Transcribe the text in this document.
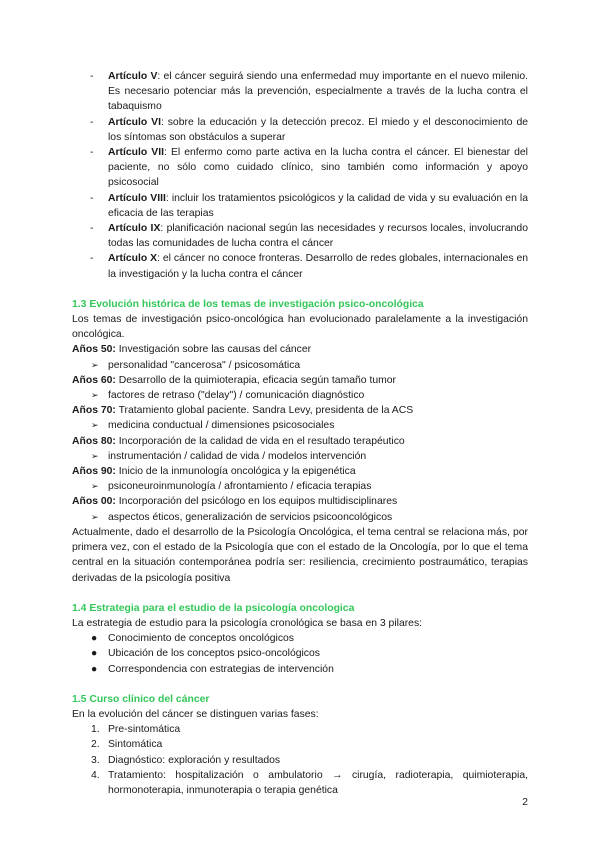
- Artículo V: el cáncer seguirá siendo una enfermedad muy importante en el nuevo milenio. Es necesario potenciar más la prevención, especialmente a través de la lucha contra el tabaquismo
- Artículo VI: sobre la educación y la detección precoz. El miedo y el desconocimiento de los síntomas son obstáculos a superar
- Artículo VII: El enfermo como parte activa en la lucha contra el cáncer. El bienestar del paciente, no sólo como cuidado clínico, sino también como información y apoyo psicosocial
- Artículo VIII: incluir los tratamientos psicológicos y la calidad de vida y su evaluación en la eficacia de las terapias
- Artículo IX: planificación nacional según las necesidades y recursos locales, involucrando todas las comunidades de lucha contra el cáncer
- Artículo X: el cáncer no conoce fronteras. Desarrollo de redes globales, internacionales en la investigación y la lucha contra el cáncer
1.3 Evolución histórica de los temas de investigación psico-oncológica

Los temas de investigación psico-oncológica han evolucionado paralelamente a la investigación oncológica.

Años 50: Investigación sobre las causas del cáncer
➢ personalidad "cancerosa" / psicosomática
Años 60: Desarrollo de la quimioterapia, eficacia según tamaño tumor
➢ factores de retraso ("delay") / comunicación diagnóstico
Años 70: Tratamiento global paciente. Sandra Levy, presidenta de la ACS
➢ medicina conductual / dimensiones psicosociales
Años 80: Incorporación de la calidad de vida en el resultado terapéutico
➢ instrumentación / calidad de vida / modelos intervención
Años 90: Inicio de la inmunología oncológica y la epigenética
➢ psiconeuroinmunología / afrontamiento / eficacia terapias
Años 00: Incorporación del psicólogo en los equipos multidisciplinares
➢ aspectos éticos, generalización de servicios psicooncológicos

Actualmente, dado el desarrollo de la Psicología Oncológica, el tema central se relaciona más, por primera vez, con el estado de la Psicología que con el estado de la Oncología, por lo que el tema central en la situación contemporánea podría ser: resiliencia, crecimiento postraumático, terapias derivadas de la psicología positiva

1.4 Estrategia para el estudio de la psicología oncologica

La estrategia de estudio para la psicología cronológica se basa en 3 pilares:

● Conocimiento de conceptos oncológicos
● Ubicación de los conceptos psico-oncológicos
● Correspondencia con estrategias de intervención
1.5 Curso clínico del cáncer

En la evolución del cáncer se distinguen varias fases:

1. Pre-sintomática
2. Sintomática
3. Diagnóstico: exploración y resultados
4. Tratamiento: hospitalización o ambulatorio → cirugía, radioterapia, quimioterapia, hormonoterapia, inmunoterapia o terapia genética
2
